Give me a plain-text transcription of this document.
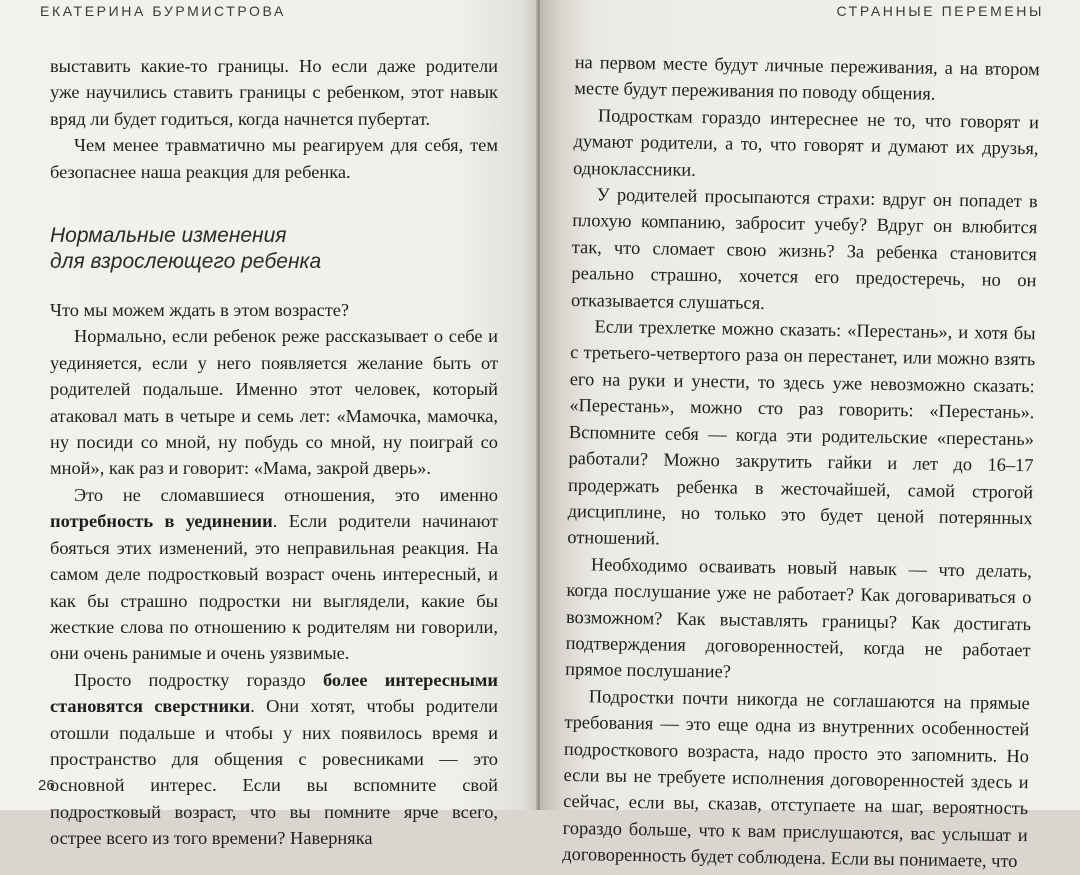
ЕКАТЕРИНА БУРМИСТРОВА

выставить какие-то границы. Но если даже родители уже научились ставить границы с ребенком, этот навык вряд ли будет годиться, когда начнется пубертат.

Чем менее травматично мы реагируем для себя, тем безопаснее наша реакция для ребенка.

Нормальные изменения
для взрослеющего ребенка

Что мы можем ждать в этом возрасте?

Нормально, если ребенок реже рассказывает о себе и уединяется, если у него появляется желание быть от родителей подальше. Именно этот человек, который атаковал мать в четыре и семь лет: «Мамочка, мамочка, ну посиди со мной, ну побудь со мной, ну поиграй со мной», как раз и говорит: «Мама, закрой дверь».

Это не сломавшиеся отношения, это именно потребность в уединении. Если родители начинают бояться этих изменений, это неправильная реакция. На самом деле подростковый возраст очень интересный, и как бы страшно подростки ни выглядели, какие бы жесткие слова по отношению к родителям ни говорили, они очень ранимые и очень уязвимые.

Просто подростку гораздо более интересными становятся сверстники. Они хотят, чтобы родители отошли подальше и чтобы у них появилось время и пространство для общения с ровесниками — это основной интерес. Если вы вспомните свой подростковый возраст, что вы помните ярче всего, острее всего из того времени? Наверняка

26
СТРАННЫЕ ПЕРЕМЕНЫ

на первом месте будут личные переживания, а на втором месте будут переживания по поводу общения.

Подросткам гораздо интереснее не то, что говорят и думают родители, а то, что говорят и думают их друзья, одноклассники.

У родителей просыпаются страхи: вдруг он попадет в плохую компанию, забросит учебу? Вдруг он влюбится так, что сломает свою жизнь? За ребенка становится реально страшно, хочется его предостеречь, но он отказывается слушаться.

Если трехлетке можно сказать: «Перестань», и хотя бы с третьего-четвертого раза он перестанет, или можно взять его на руки и унести, то здесь уже невозможно сказать: «Перестань», можно сто раз говорить: «Перестань». Вспомните себя — когда эти родительские «перестань» работали? Можно закрутить гайки и лет до 16–17 продержать ребенка в жесточайшей, самой строгой дисциплине, но только это будет ценой потерянных отношений.

Необходимо осваивать новый навык — что делать, когда послушание уже не работает? Как договариваться о возможном? Как выставлять границы? Как достигать подтверждения договоренностей, когда не работает прямое послушание?

Подростки почти никогда не соглашаются на прямые требования — это еще одна из внутренних особенностей подросткового возраста, надо просто это запомнить. Но если вы не требуете исполнения договоренностей здесь и сейчас, если вы, сказав, отступаете на шаг, вероятность гораздо больше, что к вам прислушаются, вас услышат и договоренность будет соблюдена. Если вы понимаете, что
